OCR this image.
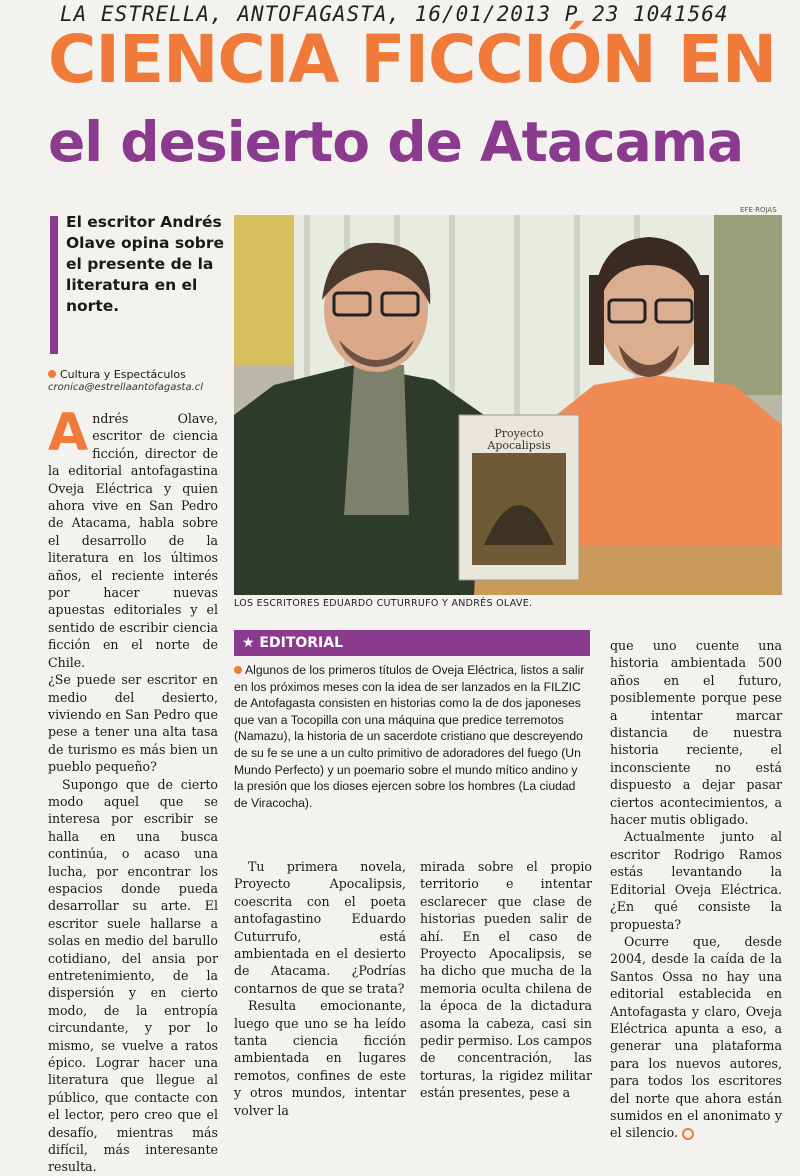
LA ESTRELLA, ANTOFAGASTA, 16/01/2013 P 23 1041564
CIENCIA FICCIÓN EN
el desierto de Atacama
El escritor Andrés Olave opina sobre el presente de la literatura en el norte.
Cultura y Espectáculos
cronica@estrellaantofagasta.cl
EFE·ROJAS
Proyecto
Apocalipsis
LOS ESCRITORES EDUARDO CUTURRUFO Y ANDRÉS OLAVE.
A ndrés Olave, escritor de ciencia ficción, director de la editorial antofagastina Oveja Eléctrica y quien ahora vive en San Pedro de Atacama, habla sobre el desarrollo de la literatura en los últimos años, el reciente interés por hacer nuevas apuestas editoriales y el sentido de escribir ciencia ficción en el norte de Chile.

¿Se puede ser escritor en medio del desierto, viviendo en San Pedro que pese a tener una alta tasa de turismo es más bien un pueblo pequeño?

Supongo que de cierto modo aquel que se interesa por escribir se halla en una busca continúa, o acaso una lucha, por encontrar los espacios donde pueda desarrollar su arte. El escritor suele hallarse a solas en medio del barullo cotidiano, del ansia por entretenimiento, de la dispersión y en cierto modo, de la entropía circundante, y por lo mismo, se vuelve a ratos épico. Lograr hacer una literatura que llegue al público, que contacte con el lector, pero creo que el desafío, mientras más difícil, más interesante resulta.

★ EDITORIAL
Algunos de los primeros títulos de Oveja Eléctrica, listos a salir en los próximos meses con la idea de ser lanzados en la FILZIC de Antofagasta consisten en historias como la de dos japoneses que van a Tocopilla con una máquina que predice terremotos (Namazu), la historia de un sacerdote cristiano que descreyendo de su fe se une a un culto primitivo de adoradores del fuego (Un Mundo Perfecto) y un poemario sobre el mundo mítico andino y la presión que los dioses ejercen sobre los hombres (La ciudad de Viracocha).

Tu primera novela, Proyecto Apocalipsis, coescrita con el poeta antofagastino Eduardo Cuturrufo, está ambientada en el desierto de Atacama. ¿Podrías contarnos de que se trata?

Resulta emocionante, luego que uno se ha leído tanta ciencia ficción ambientada en lugares remotos, confines de este y otros mundos, intentar volver la

mirada sobre el propio territorio e intentar esclarecer que clase de historias pueden salir de ahí. En el caso de Proyecto Apocalipsis, se ha dicho que mucha de la memoria oculta chilena de la época de la dictadura asoma la cabeza, casi sin pedir permiso. Los campos de concentración, las torturas, la rigidez militar están presentes, pese a

que uno cuente una historia ambientada 500 años en el futuro, posiblemente porque pese a intentar marcar distancia de nuestra historia reciente, el inconsciente no está dispuesto a dejar pasar ciertos acontecimientos, a hacer mutis obligado.

Actualmente junto al escritor Rodrigo Ramos estás levantando la Editorial Oveja Eléctrica. ¿En qué consiste la propuesta?

Ocurre que, desde 2004, desde la caída de la Santos Ossa no hay una editorial establecida en Antofagasta y claro, Oveja Eléctrica apunta a eso, a generar una plataforma para los nuevos autores, para todos los escritores del norte que ahora están sumidos en el anonimato y el silencio.
